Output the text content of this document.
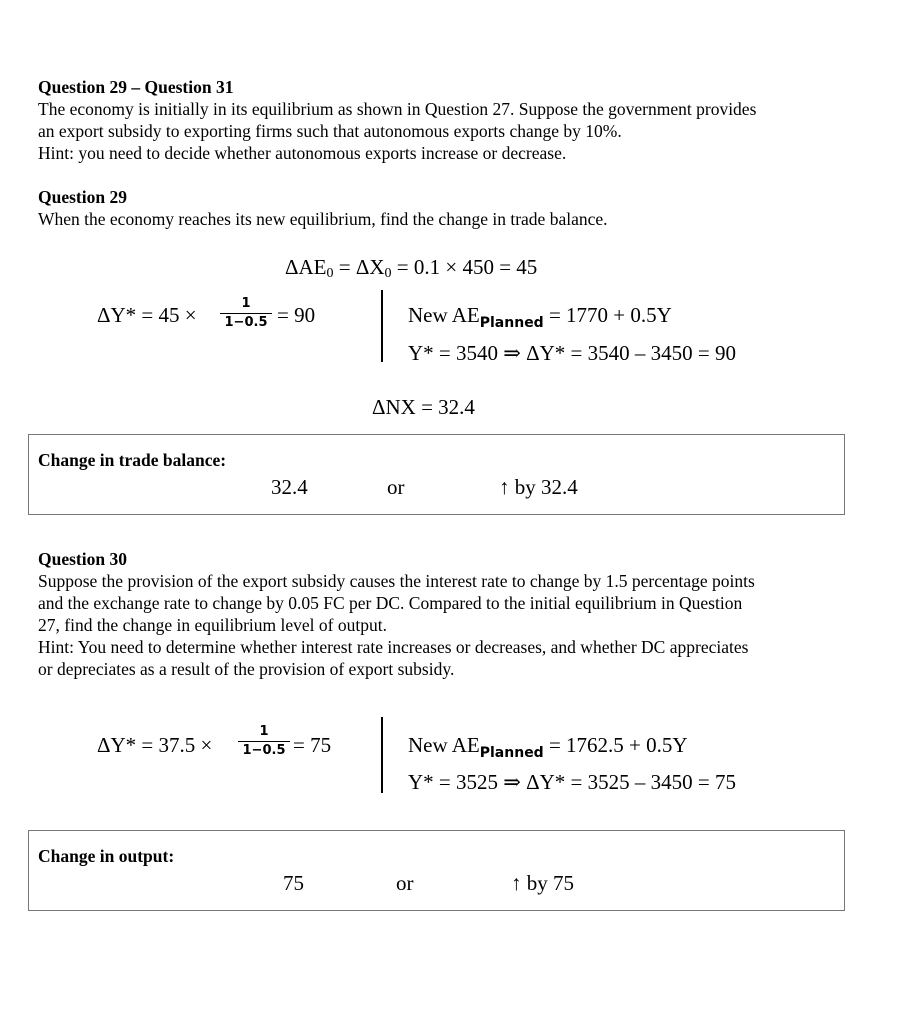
Question 29 – Question 31
The economy is initially in its equilibrium as shown in Question 27. Suppose the government provides
an export subsidy to exporting firms such that autonomous exports change by 10%.
Hint: you need to decide whether autonomous exports increase or decrease.
Question 29
When the economy reaches its new equilibrium, find the change in trade balance.
$\Delta AE_0 = \Delta X_0 = 0.1 \times 450 = 45$
ΔY* = 45 ×	1
1−0.5 = 90	New $AE_{Planned} = 1770 + 0.5Y$
Y* = 3540 ⇒ ΔY* = 3540 – 3450 = 90
ΔNX = 32.4
Change in trade balance:
32.4	or	↑ by 32.4
Question 30
Suppose the provision of the export subsidy causes the interest rate to change by 1.5 percentage points
and the exchange rate to change by 0.05 FC per DC. Compared to the initial equilibrium in Question
27, find the change in equilibrium level of output.
Hint: You need to determine whether interest rate increases or decreases, and whether DC appreciates
or depreciates as a result of the provision of export subsidy.
ΔY* = 37.5 ×
1
1−0.5 = 75	New $AE_{Planned} = 1762.5 + 0.5Y$
Y* = 3525 ⇒ ΔY* = 3525 – 3450 = 75
Change in output:
75	or	↑ by 75
